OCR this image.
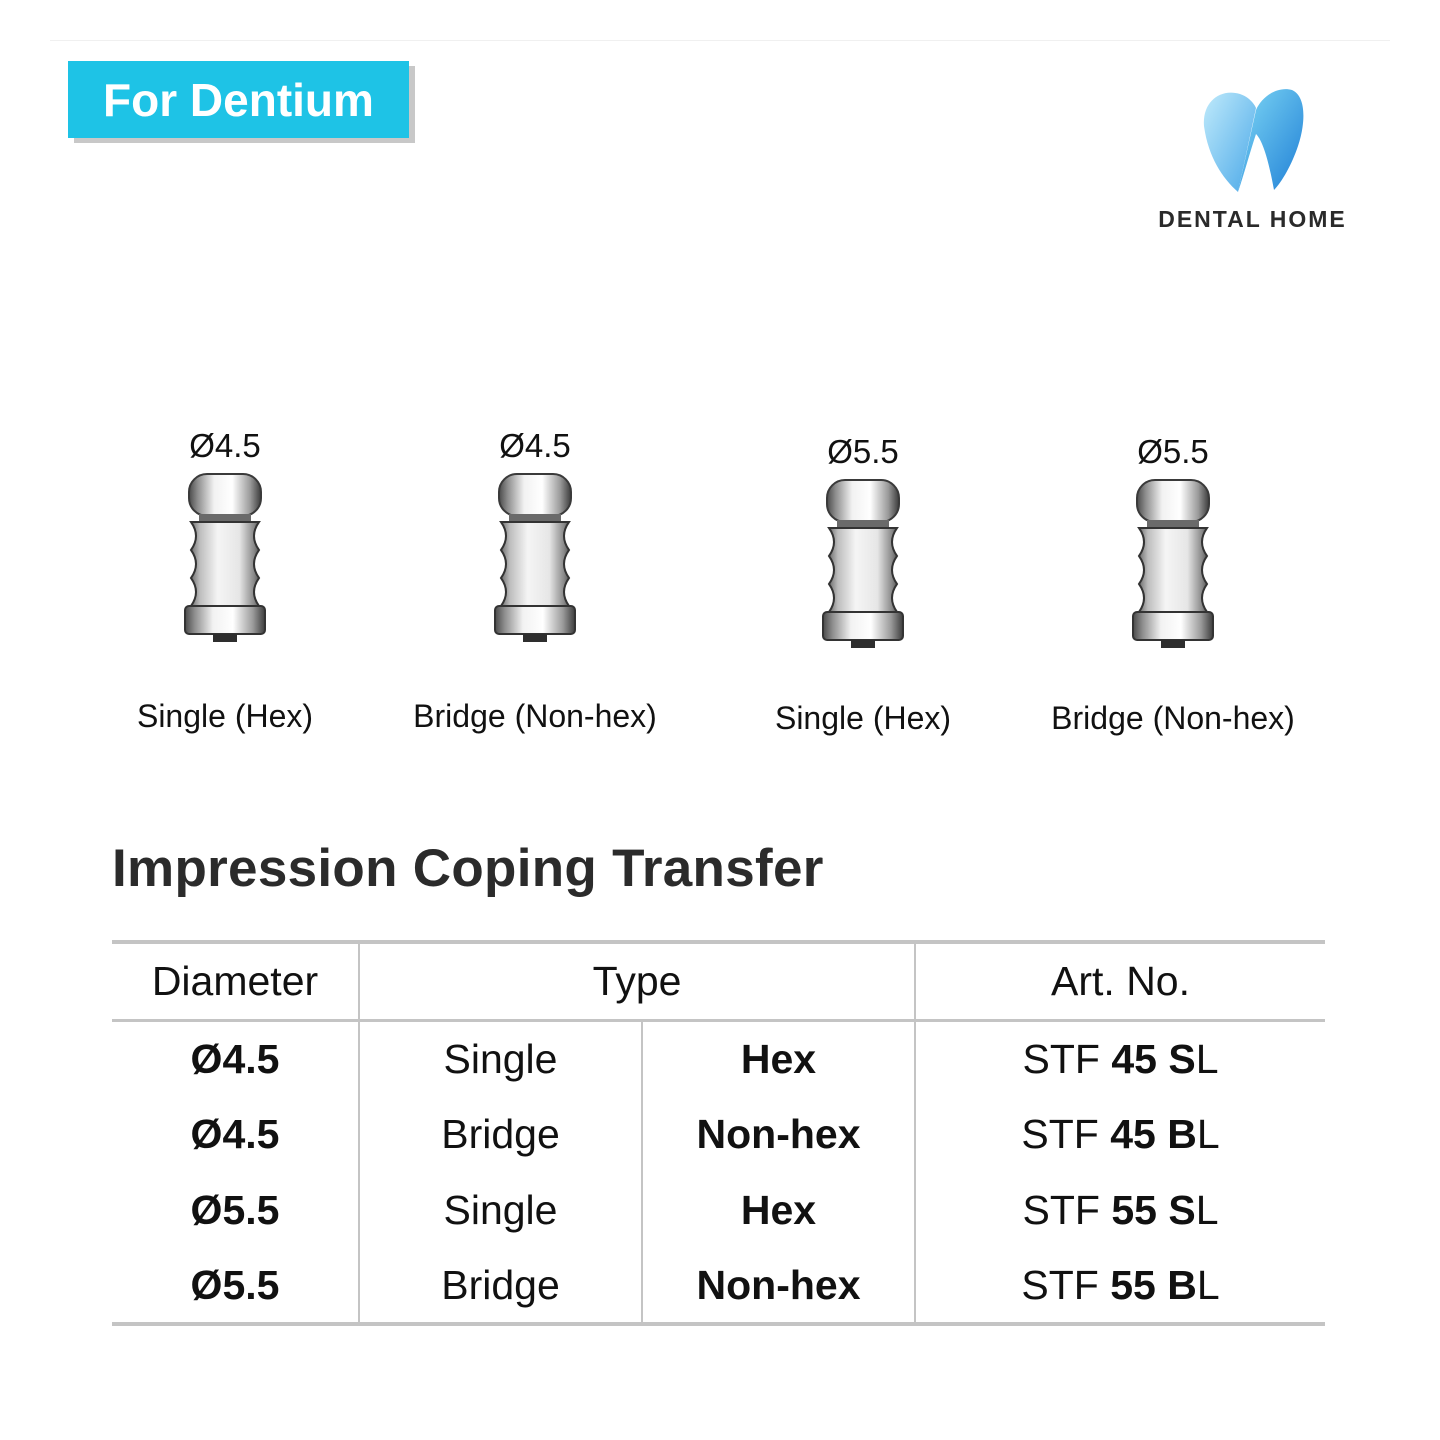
For Dentium
DENTAL HOME
Ø4.5
Single (Hex)
Ø4.5
Bridge (Non-hex)
Ø5.5
Single (Hex)
Ø5.5
Bridge (Non-hex)
Impression Coping Transfer
Diameter	Type		Art. No.
Ø4.5	Single	Hex	STF 45 SL
Ø4.5	Bridge	Non-hex	STF 45 BL
Ø5.5	Single	Hex	STF 55 SL
Ø5.5	Bridge	Non-hex	STF 55 BL
